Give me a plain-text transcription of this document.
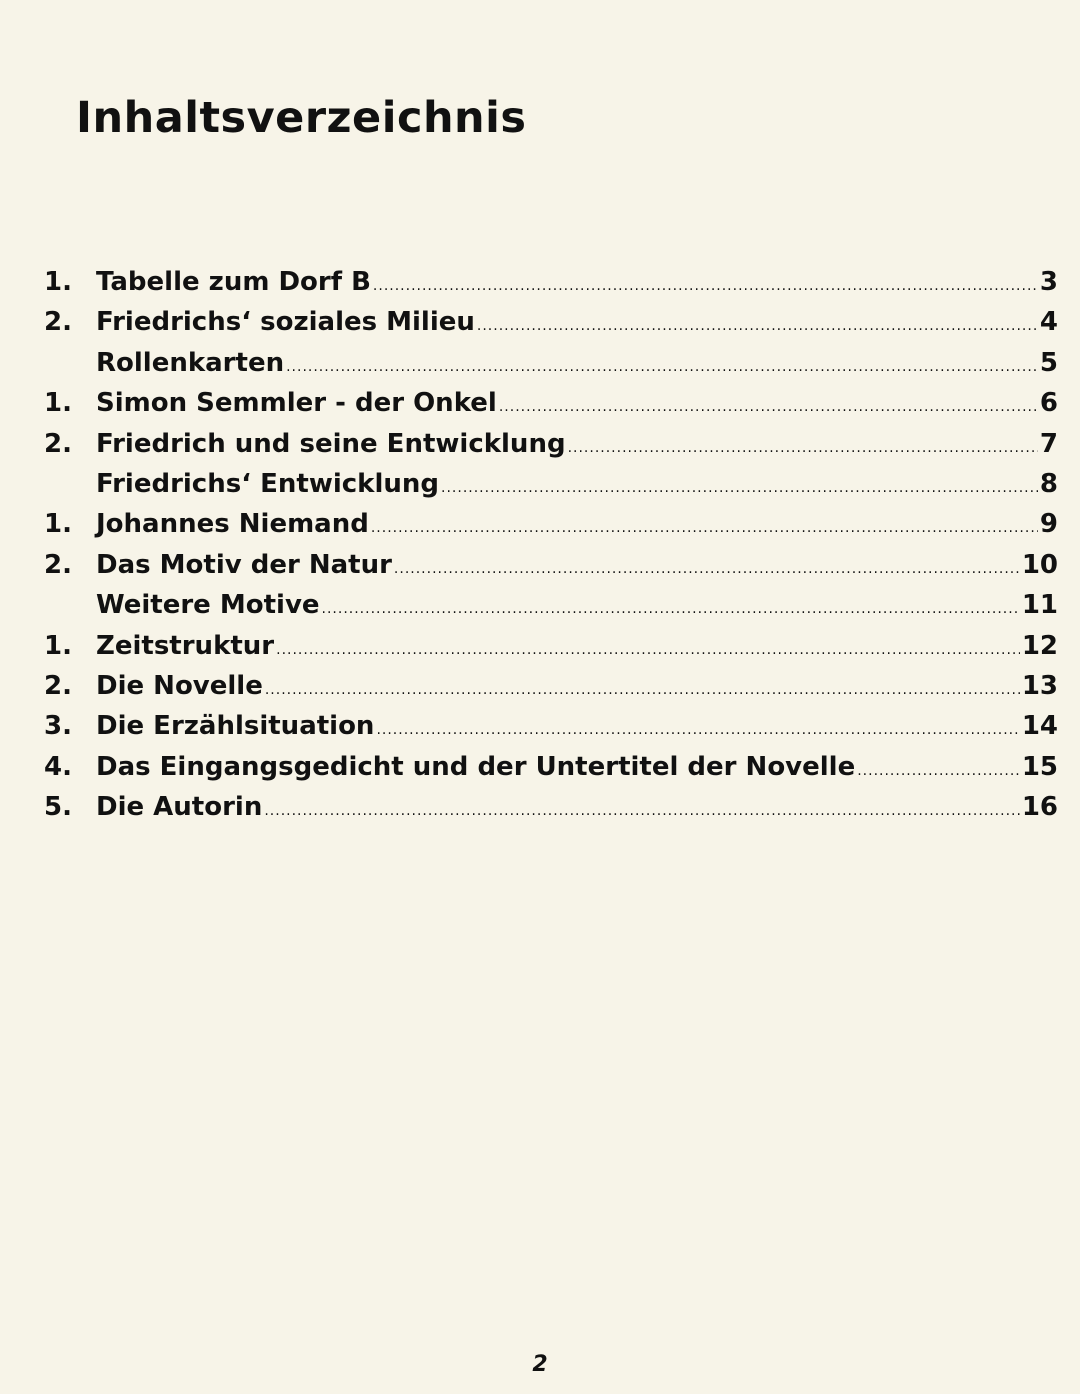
Inhaltsverzeichnis
1. Tabelle zum Dorf B .....	3
2. Friedrichs‘ soziales Milieu .....	4
Rollenkarten .....	5
1. Simon Semmler - der Onkel .....	6
2. Friedrich und seine Entwicklung .....	7
Friedrichs‘ Entwicklung .....	8
1. Johannes Niemand .....	9
2. Das Motiv der Natur .....	10
Weitere Motive .....	11
1. Zeitstruktur .....	12
2. Die Novelle .....	13
3. Die Erzählsituation .....	14
4. Das Eingangsgedicht und der Untertitel der Novelle .....	15
5. Die Autorin .....	16
2
